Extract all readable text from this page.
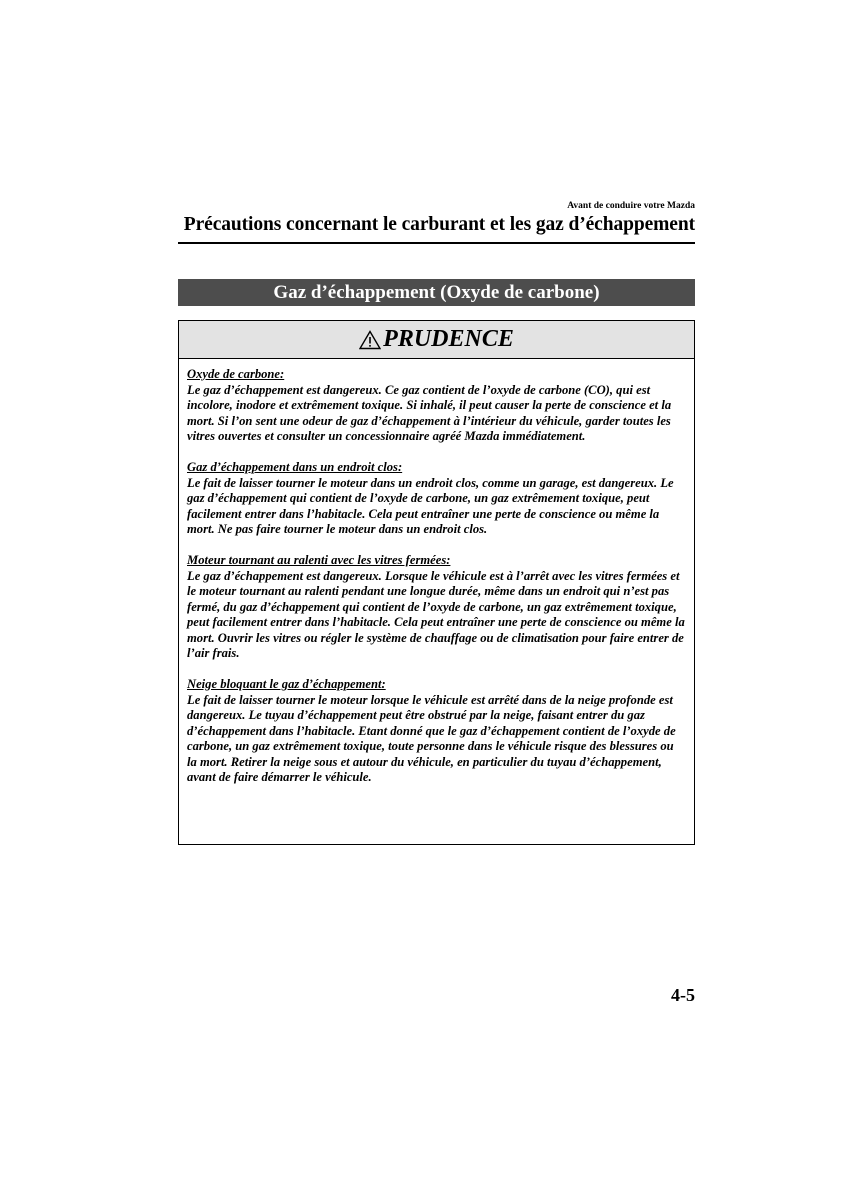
Avant de conduire votre Mazda
Précautions concernant le carburant et les gaz d’échappement
Gaz d’échappement (Oxyde de carbone)
PRUDENCE

Oxyde de carbone:
Le gaz d’échappement est dangereux. Ce gaz contient de l’oxyde de carbone (CO), qui est incolore, inodore et extrêmement toxique. Si inhalé, il peut causer la perte de conscience et la mort. Si l’on sent une odeur de gaz d’échappement à l’intérieur du véhicule, garder toutes les vitres ouvertes et consulter un concessionnaire agréé Mazda immédiatement.

Gaz d’échappement dans un endroit clos:
Le fait de laisser tourner le moteur dans un endroit clos, comme un garage, est dangereux. Le gaz d’échappement qui contient de l’oxyde de carbone, un gaz extrêmement toxique, peut facilement entrer dans l’habitacle. Cela peut entraîner une perte de conscience ou même la mort. Ne pas faire tourner le moteur dans un endroit clos.

Moteur tournant au ralenti avec les vitres fermées:
Le gaz d’échappement est dangereux. Lorsque le véhicule est à l’arrêt avec les vitres fermées et le moteur tournant au ralenti pendant une longue durée, même dans un endroit qui n’est pas fermé, du gaz d’échappement qui contient de l’oxyde de carbone, un gaz extrêmement toxique, peut facilement entrer dans l’habitacle. Cela peut entraîner une perte de conscience ou même la mort. Ouvrir les vitres ou régler le système de chauffage ou de climatisation pour faire entrer de l’air frais.

Neige bloquant le gaz d’échappement:
Le fait de laisser tourner le moteur lorsque le véhicule est arrêté dans de la neige profonde est dangereux. Le tuyau d’échappement peut être obstrué par la neige, faisant entrer du gaz d’échappement dans l’habitacle. Etant donné que le gaz d’échappement contient de l’oxyde de carbone, un gaz extrêmement toxique, toute personne dans le véhicule risque des blessures ou la mort. Retirer la neige sous et autour du véhicule, en particulier du tuyau d’échappement, avant de faire démarrer le véhicule.

4-5
